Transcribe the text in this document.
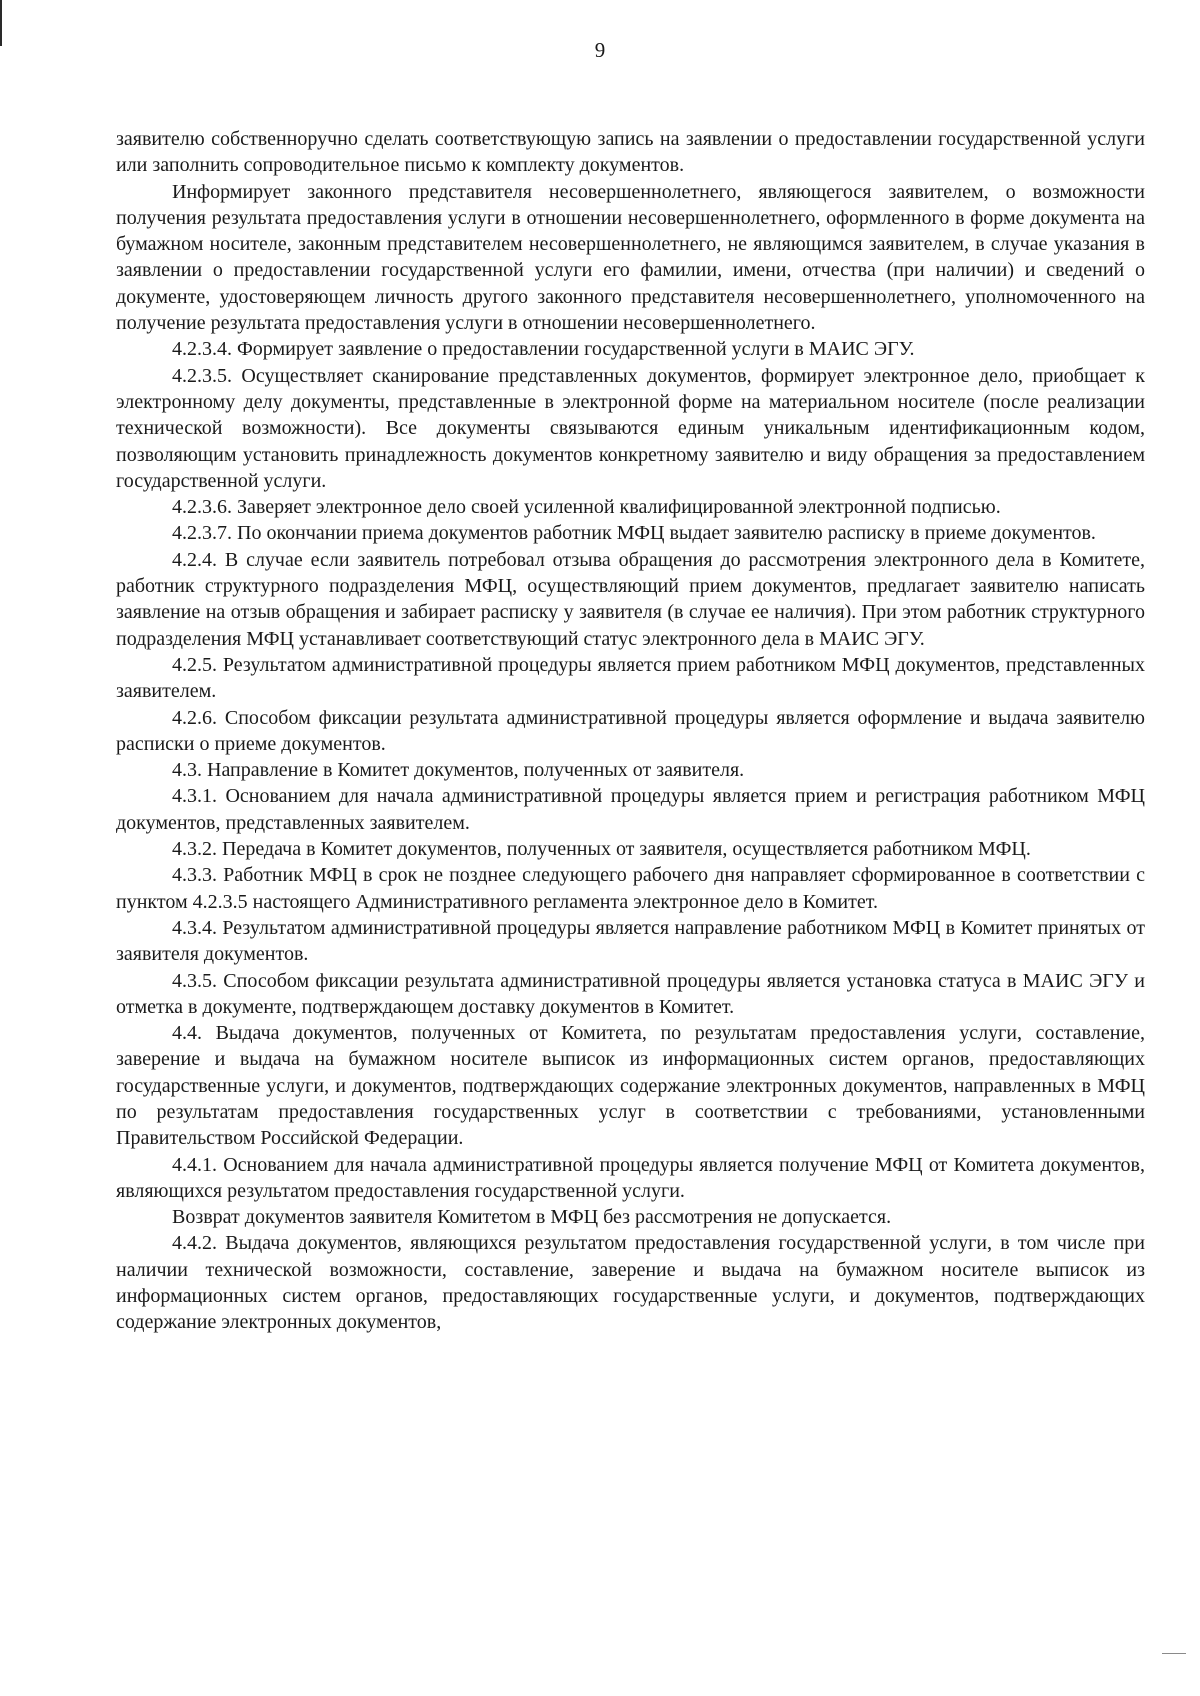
9

заявителю собственноручно сделать соответствующую запись на заявлении о предоставлении государственной услуги или заполнить сопроводительное письмо к комплекту документов.

Информирует законного представителя несовершеннолетнего, являющегося заявителем, о возможности получения результата предоставления услуги в отношении несовершеннолетнего, оформленного в форме документа на бумажном носителе, законным представителем несовершеннолетнего, не являющимся заявителем, в случае указания в заявлении о предоставлении государственной услуги его фамилии, имени, отчества (при наличии) и сведений о документе, удостоверяющем личность другого законного представителя несовершеннолетнего, уполномоченного на получение результата предоставления услуги в отношении несовершеннолетнего.

4.2.3.4. Формирует заявление о предоставлении государственной услуги в МАИС ЭГУ.

4.2.3.5. Осуществляет сканирование представленных документов, формирует электронное дело, приобщает к электронному делу документы, представленные в электронной форме на материальном носителе (после реализации технической возможности). Все документы связываются единым уникальным идентификационным кодом, позволяющим установить принадлежность документов конкретному заявителю и виду обращения за предоставлением государственной услуги.

4.2.3.6. Заверяет электронное дело своей усиленной квалифицированной электронной подписью.

4.2.3.7. По окончании приема документов работник МФЦ выдает заявителю расписку в приеме документов.

4.2.4. В случае если заявитель потребовал отзыва обращения до рассмотрения электронного дела в Комитете, работник структурного подразделения МФЦ, осуществляющий прием документов, предлагает заявителю написать заявление на отзыв обращения и забирает расписку у заявителя (в случае ее наличия). При этом работник структурного подразделения МФЦ устанавливает соответствующий статус электронного дела в МАИС ЭГУ.

4.2.5. Результатом административной процедуры является прием работником МФЦ документов, представленных заявителем.

4.2.6. Способом фиксации результата административной процедуры является оформление и выдача заявителю расписки о приеме документов.

4.3. Направление в Комитет документов, полученных от заявителя.

4.3.1. Основанием для начала административной процедуры является прием и регистрация работником МФЦ документов, представленных заявителем.

4.3.2. Передача в Комитет документов, полученных от заявителя, осуществляется работником МФЦ.

4.3.3. Работник МФЦ в срок не позднее следующего рабочего дня направляет сформированное в соответствии с пунктом 4.2.3.5 настоящего Административного регламента электронное дело в Комитет.

4.3.4. Результатом административной процедуры является направление работником МФЦ в Комитет принятых от заявителя документов.

4.3.5. Способом фиксации результата административной процедуры является установка статуса в МАИС ЭГУ и отметка в документе, подтверждающем доставку документов в Комитет.

4.4. Выдача документов, полученных от Комитета, по результатам предоставления услуги, составление, заверение и выдача на бумажном носителе выписок из информационных систем органов, предоставляющих государственные услуги, и документов, подтверждающих содержание электронных документов, направленных в МФЦ по результатам предоставления государственных услуг в соответствии с требованиями, установленными Правительством Российской Федерации.

4.4.1. Основанием для начала административной процедуры является получение МФЦ от Комитета документов, являющихся результатом предоставления государственной услуги.

Возврат документов заявителя Комитетом в МФЦ без рассмотрения не допускается.

4.4.2. Выдача документов, являющихся результатом предоставления государственной услуги, в том числе при наличии технической возможности, составление, заверение и выдача на бумажном носителе выписок из информационных систем органов, предоставляющих государственные услуги, и документов, подтверждающих содержание электронных документов,
